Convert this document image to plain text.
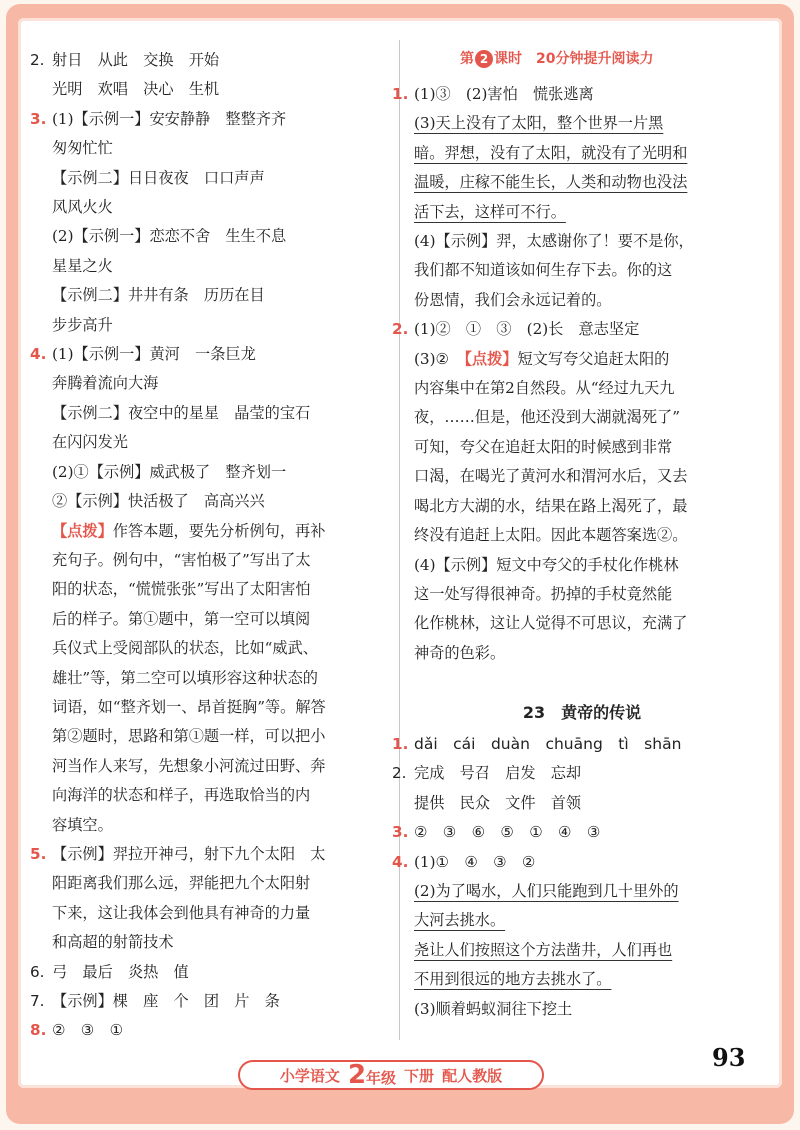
2. 射日　从此　交换　开始
光明　欢唱　决心　生机
3. (1)【示例一】安安静静　整整齐齐
匆匆忙忙
【示例二】日日夜夜　口口声声
风风火火
(2)【示例一】恋恋不舍　生生不息
星星之火
【示例二】井井有条　历历在目
步步高升
4. (1)【示例一】黄河　一条巨龙
奔腾着流向大海
【示例二】夜空中的星星　晶莹的宝石
在闪闪发光
(2)①【示例】威武极了　整齐划一
②【示例】快活极了　高高兴兴
【点拨】作答本题，要先分析例句，再补
充句子。例句中，“害怕极了”写出了太
阳的状态，“慌慌张张”写出了太阳害怕
后的样子。第①题中，第一空可以填阅
兵仪式上受阅部队的状态，比如“威武、
雄壮”等，第二空可以填形容这种状态的
词语，如“整齐划一、昂首挺胸”等。解答
第②题时，思路和第①题一样，可以把小
河当作人来写，先想象小河流过田野、奔
向海洋的状态和样子，再选取恰当的内
容填空。
5. 【示例】羿拉开神弓，射下九个太阳　太
阳距离我们那么远，羿能把九个太阳射
下来，这让我体会到他具有神奇的力量
和高超的射箭技术
6. 弓　最后　炎热　值
7. 【示例】棵　座　个　团　片　条
8. ②　③　①
第 2 课时　20分钟提升阅读力
1. (1)③　(2)害怕　慌张逃离
(3)天上没有了太阳，整个世界一片黑
暗。羿想，没有了太阳，就没有了光明和
温暖，庄稼不能生长，人类和动物也没法
活下去，这样可不行。
(4)【示例】羿，太感谢你了！要不是你，
我们都不知道该如何生存下去。你的这
份恩情，我们会永远记着的。
2. (1)②　①　③　(2)长　意志坚定
(3)②　【点拨】短文写夸父追赶太阳的
内容集中在第2自然段。从“经过九天九
夜，……但是，他还没到大湖就渴死了”
可知，夸父在追赶太阳的时候感到非常
口渴，在喝光了黄河水和渭河水后，又去
喝北方大湖的水，结果在路上渴死了，最
终没有追赶上太阳。因此本题答案选②。
(4)【示例】短文中夸父的手杖化作桃林
这一处写得很神奇。扔掉的手杖竟然能
化作桃林，这让人觉得不可思议，充满了
神奇的色彩。
23　 黄帝的传说
1. dǎi　cái　duàn　chuāng　tì　shān
2. 完成　号召　启发　忘却
提供　民众　文件　首领
3. ②　③　⑥　⑤　①　④　③
4. (1)①　④　③　②
(2)为了喝水，人们只能跑到几十里外的
大河去挑水。
尧让人们按照这个方法凿井，人们再也
不用到很远的地方去挑水了。
(3)顺着蚂蚁洞往下挖土
小学语文 2年级 下册 配人教版
93
